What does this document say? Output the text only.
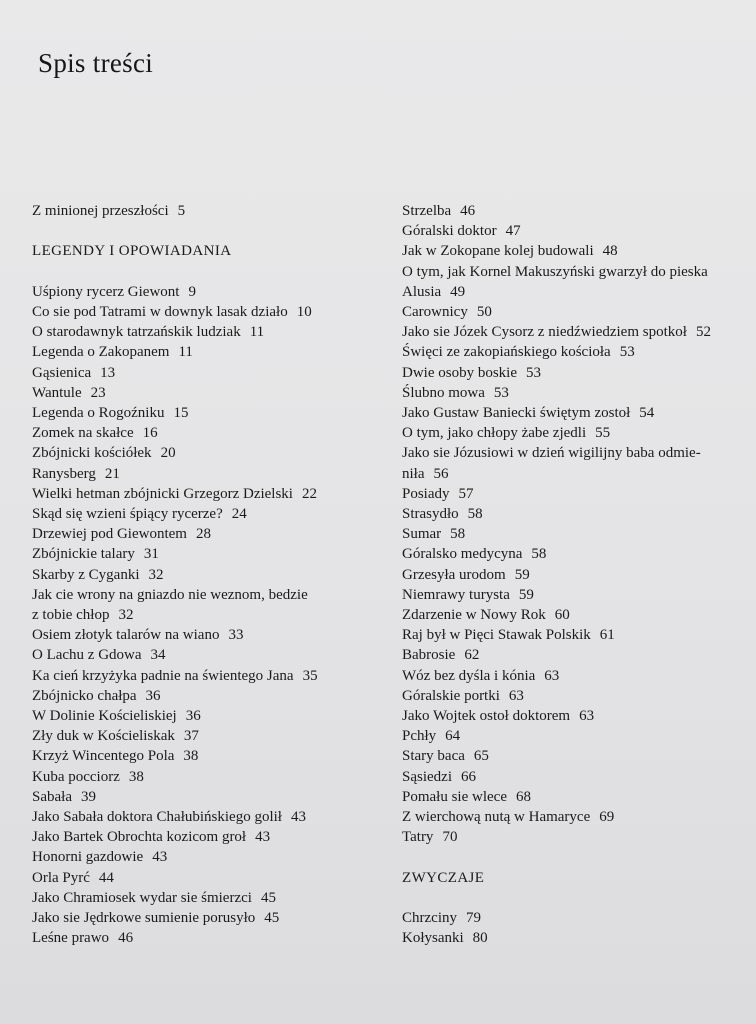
Spis treści
Z minionej przeszłości 5
LEGENDY I OPOWIADANIA
Uśpiony rycerz Giewont 9
Co sie pod Tatrami w downyk lasak działo 10
O starodawnyk tatrzańskik ludziak 11
Legenda o Zakopanem 11
Gąsienica 13
Wantule 23
Legenda o Rogoźniku 15
Zomek na skałce 16
Zbójnicki kościółek 20
Ranysberg 21
Wielki hetman zbójnicki Grzegorz Dzielski 22
Skąd się wzieni śpiący rycerze? 24
Drzewiej pod Giewontem 28
Zbójnickie talary 31
Skarby z Cyganki 32
Jak cie wrony na gniazdo nie weznom, bedzie
z tobie chłop 32
Osiem złotyk talarów na wiano 33
O Lachu z Gdowa 34
Ka cień krzyżyka padnie na świentego Jana 35
Zbójnicko chałpa 36
W Dolinie Kościeliskiej 36
Zły duk w Kościeliskak 37
Krzyż Wincentego Pola 38
Kuba pocciorz 38
Sabała 39
Jako Sabała doktora Chałubińskiego golił 43
Jako Bartek Obrochta kozicom groł 43
Honorni gazdowie 43
Orla Pyrć 44
Jako Chramiosek wydar sie śmierzci 45
Jako sie Jędrkowe sumienie porusyło 45
Leśne prawo 46
Strzelba 46
Góralski doktor 47
Jak w Zokopane kolej budowali 48
O tym, jak Kornel Makuszyński gwarzył do pieska
Alusia 49
Carownicy 50
Jako sie Józek Cysorz z niedźwiedziem spotkoł 52
Święci ze zakopiańskiego kościoła 53
Dwie osoby boskie 53
Ślubno mowa 53
Jako Gustaw Baniecki świętym zostoł 54
O tym, jako chłopy żabe zjedli 55
Jako sie Józusiowi w dzień wigilijny baba odmie-
niła 56
Posiady 57
Strasydło 58
Sumar 58
Góralsko medycyna 58
Grzesyła urodom 59
Niemrawy turysta 59
Zdarzenie w Nowy Rok 60
Raj był w Pięci Stawak Polskik 61
Babrosie 62
Wóz bez dyśla i kónia 63
Góralskie portki 63
Jako Wojtek ostoł doktorem 63
Pchły 64
Stary baca 65
Sąsiedzi 66
Pomału sie wlece 68
Z wierchową nutą w Hamaryce 69
Tatry 70
ZWYCZAJE
Chrzciny 79
Kołysanki 80
